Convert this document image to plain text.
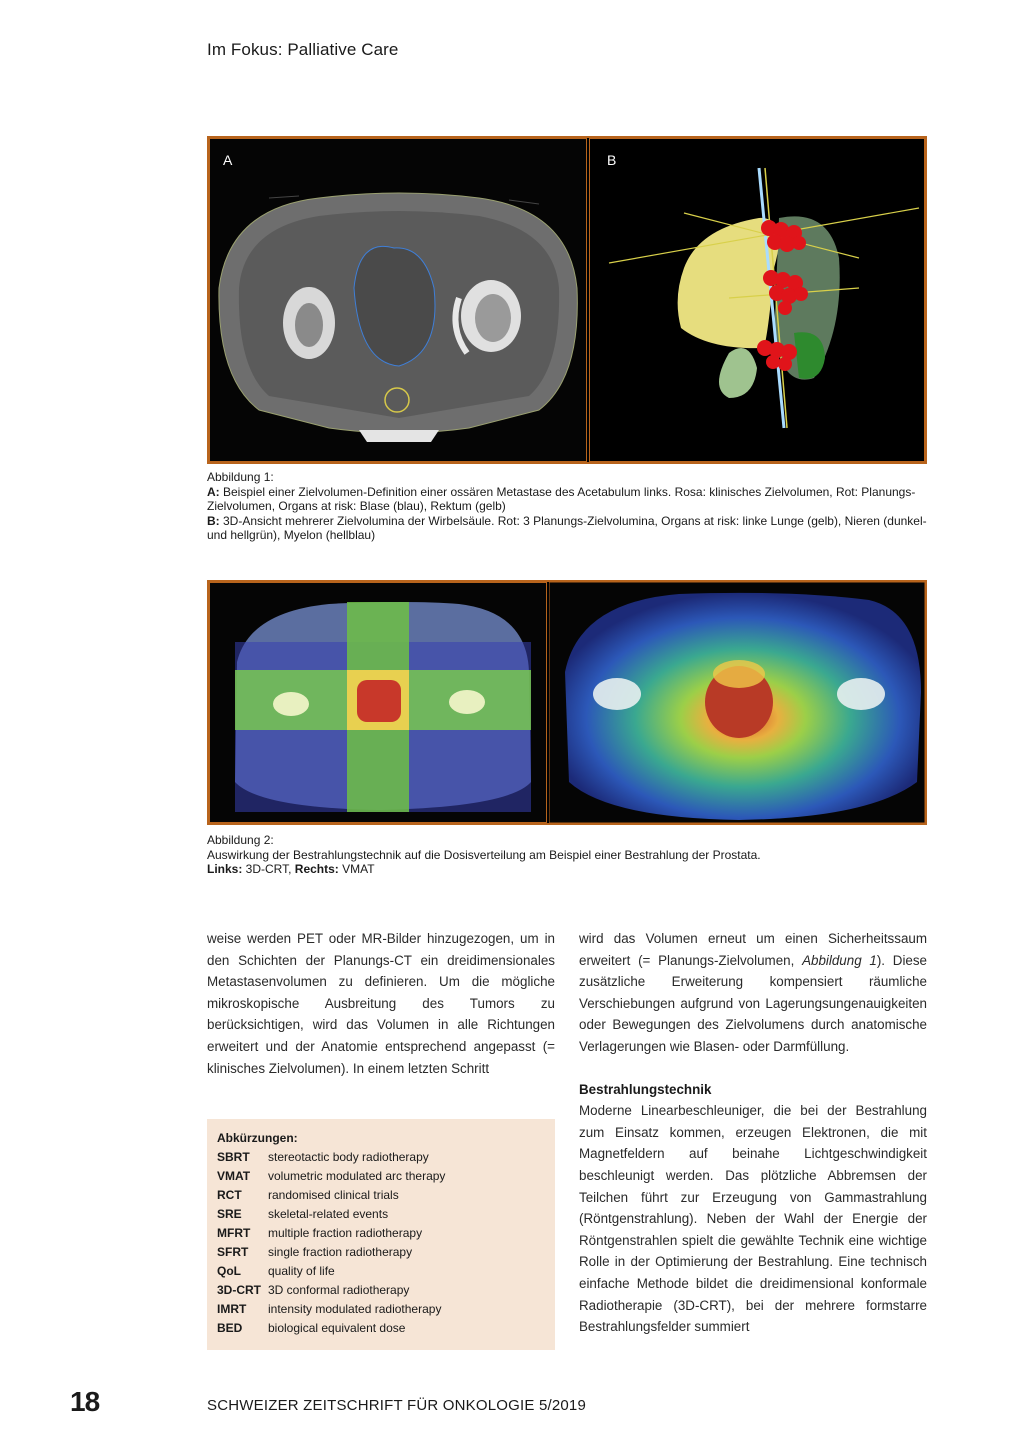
Im Fokus: Palliative Care
A	B
Abbildung 1:
A: Beispiel einer Zielvolumen-Definition einer ossären Metastase des Acetabulum links. Rosa: klinisches Zielvolumen, Rot: Planungs-Zielvolumen, Organs at risk: Blase (blau), Rektum (gelb)
B: 3D-Ansicht mehrerer Zielvolumina der Wirbelsäule. Rot: 3 Planungs-Zielvolumina, Organs at risk: linke Lunge (gelb), Nieren (dunkel- und hellgrün), Myelon (hellblau)
Abbildung 2:
Auswirkung der Bestrahlungstechnik auf die Dosisverteilung am Beispiel einer Bestrahlung der Prostata.
Links: 3D-CRT, Rechts: VMAT

weise werden PET oder MR-Bilder hinzugezogen, um in den Schichten der Planungs-CT ein dreidimensionales Metastasenvolumen zu definieren. Um die mögliche mikroskopische Ausbreitung des Tumors zu berücksichtigen, wird das Volumen in alle Richtungen erweitert und der Anatomie entsprechend angepasst (= klinisches Zielvolumen). In einem letzten Schritt

wird das Volumen erneut um einen Sicherheitssaum erweitert (= Planungs-Zielvolumen, Abbildung 1). Diese zusätzliche Erweiterung kompensiert räumliche Verschiebungen aufgrund von Lagerungsungenauigkeiten oder Bewegungen des Zielvolumens durch anatomische Verlagerungen wie Blasen- oder Darmfüllung.

Bestrahlungstechnik

Moderne Linearbeschleuniger, die bei der Bestrahlung zum Einsatz kommen, erzeugen Elektronen, die mit Magnetfeldern auf beinahe Lichtgeschwindigkeit beschleunigt werden. Das plötzliche Abbremsen der Teilchen führt zur Erzeugung von Gammastrahlung (Röntgenstrahlung). Neben der Wahl der Energie der Röntgenstrahlen spielt die gewählte Technik eine wichtige Rolle in der Optimierung der Bestrahlung. Eine technisch einfache Methode bildet die dreidimensional konformale Radiotherapie (3D-CRT), bei der mehrere formstarre Bestrahlungsfelder summiert

Abkürzungen:
SBRT	stereotactic body radiotherapy
VMAT	volumetric modulated arc therapy
RCT	randomised clinical trials
SRE	skeletal-related events
MFRT	multiple fraction radiotherapy
SFRT	single fraction radiotherapy
QoL	quality of life
3D-CRT 3D conformal radiotherapy
IMRT	intensity modulated radiotherapy
BED	biological equivalent dose
18	SCHWEIZER ZEITSCHRIFT FÜR ONKOLOGIE 5/2019
